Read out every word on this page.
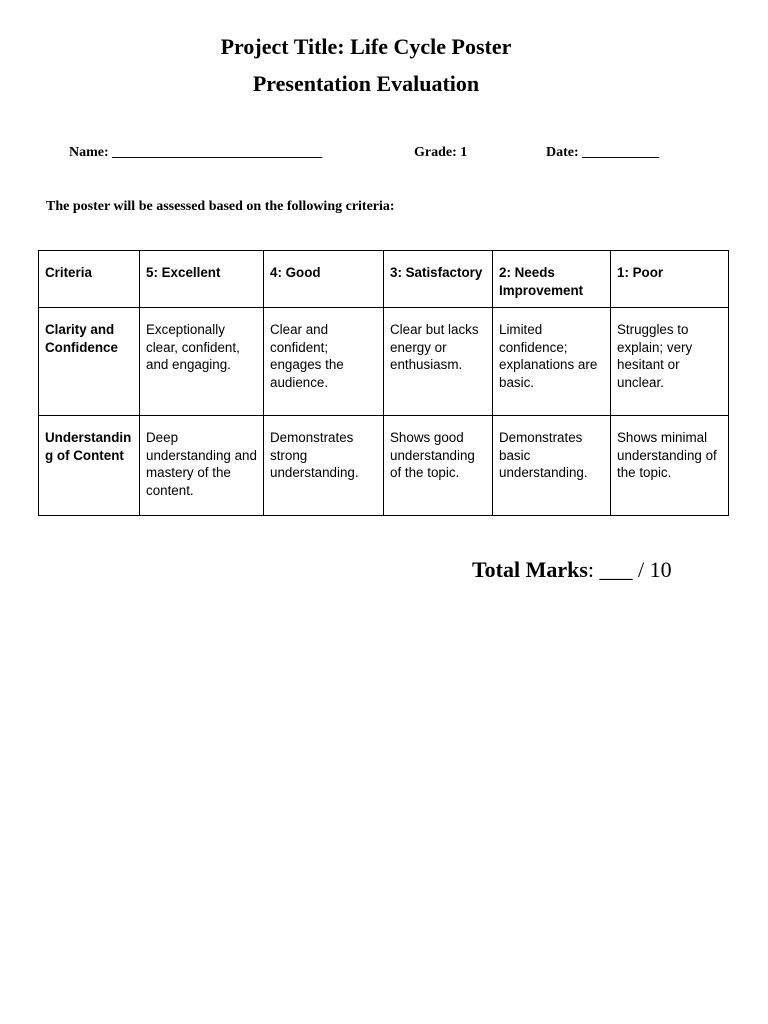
Project Title: Life Cycle Poster
Presentation Evaluation
Name: ______________________________	Grade: 1	Date: ___________
The poster will be assessed based on the following criteria:
Criteria	5: Excellent	4: Good	3: Satisfactory	2: Needs Improvement	1: Poor
Clarity and Confidence	Exceptionally clear, confident, and engaging.	Clear and confident; engages the audience.	Clear but lacks energy or enthusiasm.	Limited confidence; explanations are basic.	Struggles to explain; very hesitant or unclear.
Understanding of Content	Deep understanding and mastery of the content.	Demonstrates strong understanding.	Shows good understanding of the topic.	Demonstrates basic understanding.	Shows minimal understanding of the topic.
Total Marks: ___ / 10
